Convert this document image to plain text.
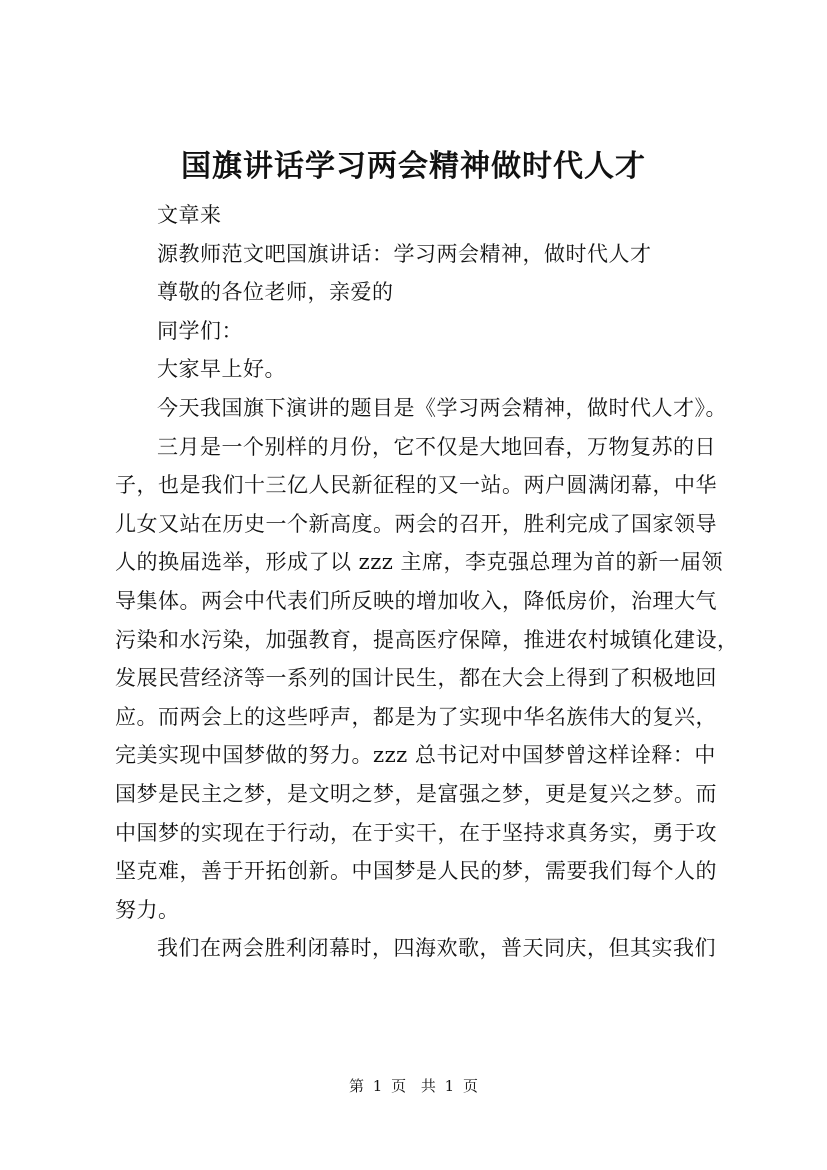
国旗讲话学习两会精神做时代人才
文章来
源教师范文吧国旗讲话：学习两会精神，做时代人才
尊敬的各位老师，亲爱的
同学们：
大家早上好。
今天我国旗下演讲的题目是《学习两会精神，做时代人才》。
三月是一个别样的月份，它不仅是大地回春，万物复苏的日
子，也是我们十三亿人民新征程的又一站。两户圆满闭幕，中华
儿女又站在历史一个新高度。两会的召开，胜利完成了国家领导
人的换届选举，形成了以 zzz 主席，李克强总理为首的新一届领
导集体。两会中代表们所反映的增加收入，降低房价，治理大气
污染和水污染，加强教育，提高医疗保障，推进农村城镇化建设，
发展民营经济等一系列的国计民生，都在大会上得到了积极地回
应。而两会上的这些呼声，都是为了实现中华名族伟大的复兴，
完美实现中国梦做的努力。zzz 总书记对中国梦曾这样诠释：中
国梦是民主之梦，是文明之梦，是富强之梦，更是复兴之梦。而
中国梦的实现在于行动，在于实干，在于坚持求真务实，勇于攻
坚克难，善于开拓创新。中国梦是人民的梦，需要我们每个人的
努力。
我们在两会胜利闭幕时，四海欢歌，普天同庆，但其实我们
第 1 页 共 1 页
